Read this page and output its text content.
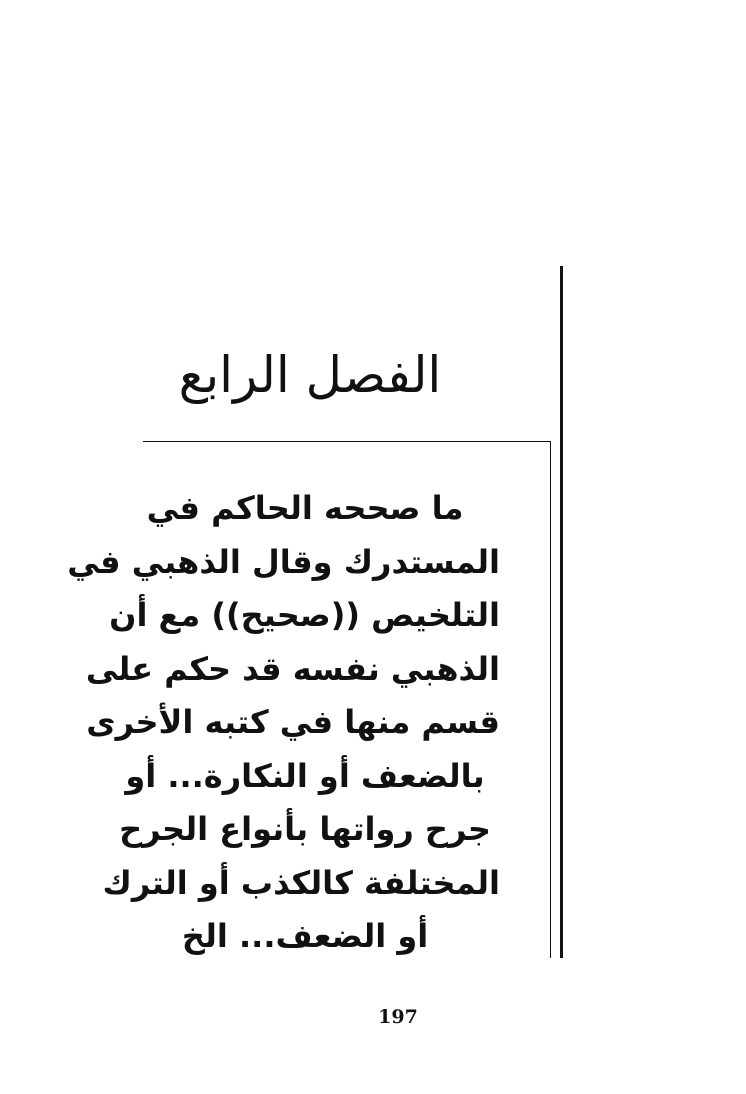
الفصل الرابع
ما صححه الحاكم في
المستدرك وقال الذهبي في
التلخيص ((صحيح)) مع أن
الذهبي نفسه قد حكم على
قسم منها في كتبه الأخرى
بالضعف أو النكارة... أو
جرح رواتها بأنواع الجرح
المختلفة كالكذب أو الترك
أو الضعف... الخ
197
